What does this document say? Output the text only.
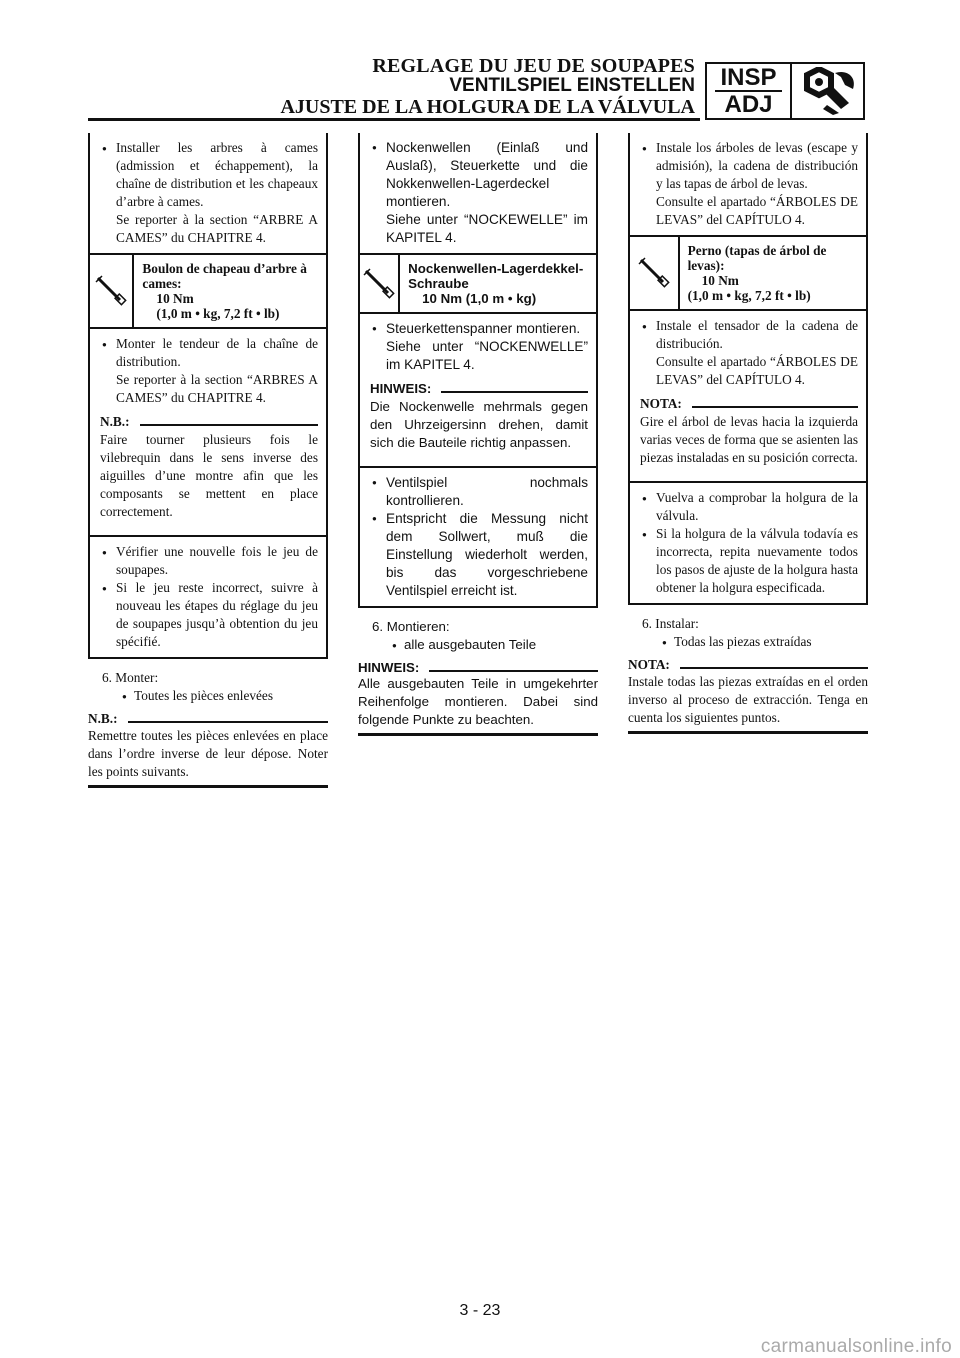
REGLAGE DU JEU DE SOUPAPES
VENTILSPIEL EINSTELLEN
AJUSTE DE LA HOLGURA DE LA VÁLVULA
INSP
ADJ
● Installer les arbres à cames (admission et échappement), la chaîne de distribution et les chapeaux d’arbre à cames.
Se reporter à la section “ARBRE A CAMES” du CHAPITRE 4.
Boulon de chapeau d’arbre à cames:

10 Nm
(1,0 m • kg, 7,2 ft • lb)
● Monter le tendeur de la chaîne de distribution.
Se reporter à la section “ARBRES A CAMES” du CHAPITRE 4.
N.B.:
Faire tourner plusieurs fois le vilebrequin dans le sens inverse des aiguilles d’une montre afin que les composants se mettent en place correctement.
● Vérifier une nouvelle fois le jeu de soupapes.
● Si le jeu reste incorrect, suivre à nouveau les étapes du réglage du jeu de soupapes jusqu’à obtention du jeu spécifié.
6. Monter:
● Toutes les pièces enlevées
N.B.:
Remettre toutes les pièces enlevées en place dans l’ordre inverse de leur dépose. Noter les points suivants.
● Nockenwellen (Einlaß und Auslaß), Steuerkette und die Nokkenwellen-Lagerdeckel montieren.
Siehe unter “NOCKEWELLE” im KAPITEL 4.
Nockenwellen-Lagerdekkel-Schraube

10 Nm (1,0 m • kg)
● Steuerkettenspanner montieren.
Siehe unter “NOCKENWELLE” im KAPITEL 4.
HINWEIS:
Die Nockenwelle mehrmals gegen den Uhrzeigersinn drehen, damit sich die Bauteile richtig anpassen.
● Ventilspiel nochmals kontrollieren.
● Entspricht die Messung nicht dem Sollwert, muß die Einstellung wiederholt werden, bis das vorgeschriebene Ventilspiel erreicht ist.
6. Montieren:
● alle ausgebauten Teile
HINWEIS:
Alle ausgebauten Teile in umgekehrter Reihenfolge montieren. Dabei sind folgende Punkte zu beachten.
● Instale los árboles de levas (escape y admisión), la cadena de distribución y las tapas de árbol de levas.
Consulte el apartado “ÁRBOLES DE LEVAS” del CAPÍTULO 4.
Perno (tapas de árbol de levas):

10 Nm
(1,0 m • kg, 7,2 ft • lb)
● Instale el tensador de la cadena de distribución.
Consulte el apartado “ÁRBOLES DE LEVAS” del CAPÍTULO 4.
NOTA:
Gire el árbol de levas hacia la izquierda varias veces de forma que se asienten las piezas instaladas en su posición correcta.
● Vuelva a comprobar la holgura de la válvula.
● Si la holgura de la válvula todavía es incorrecta, repita nuevamente todos los pasos de ajuste de la holgura hasta obtener la holgura especificada.
6. Instalar:
● Todas las piezas extraídas
NOTA:
Instale todas las piezas extraídas en el orden inverso al proceso de extracción. Tenga en cuenta los siguientes puntos.
3 - 23
carmanualsonline.info
